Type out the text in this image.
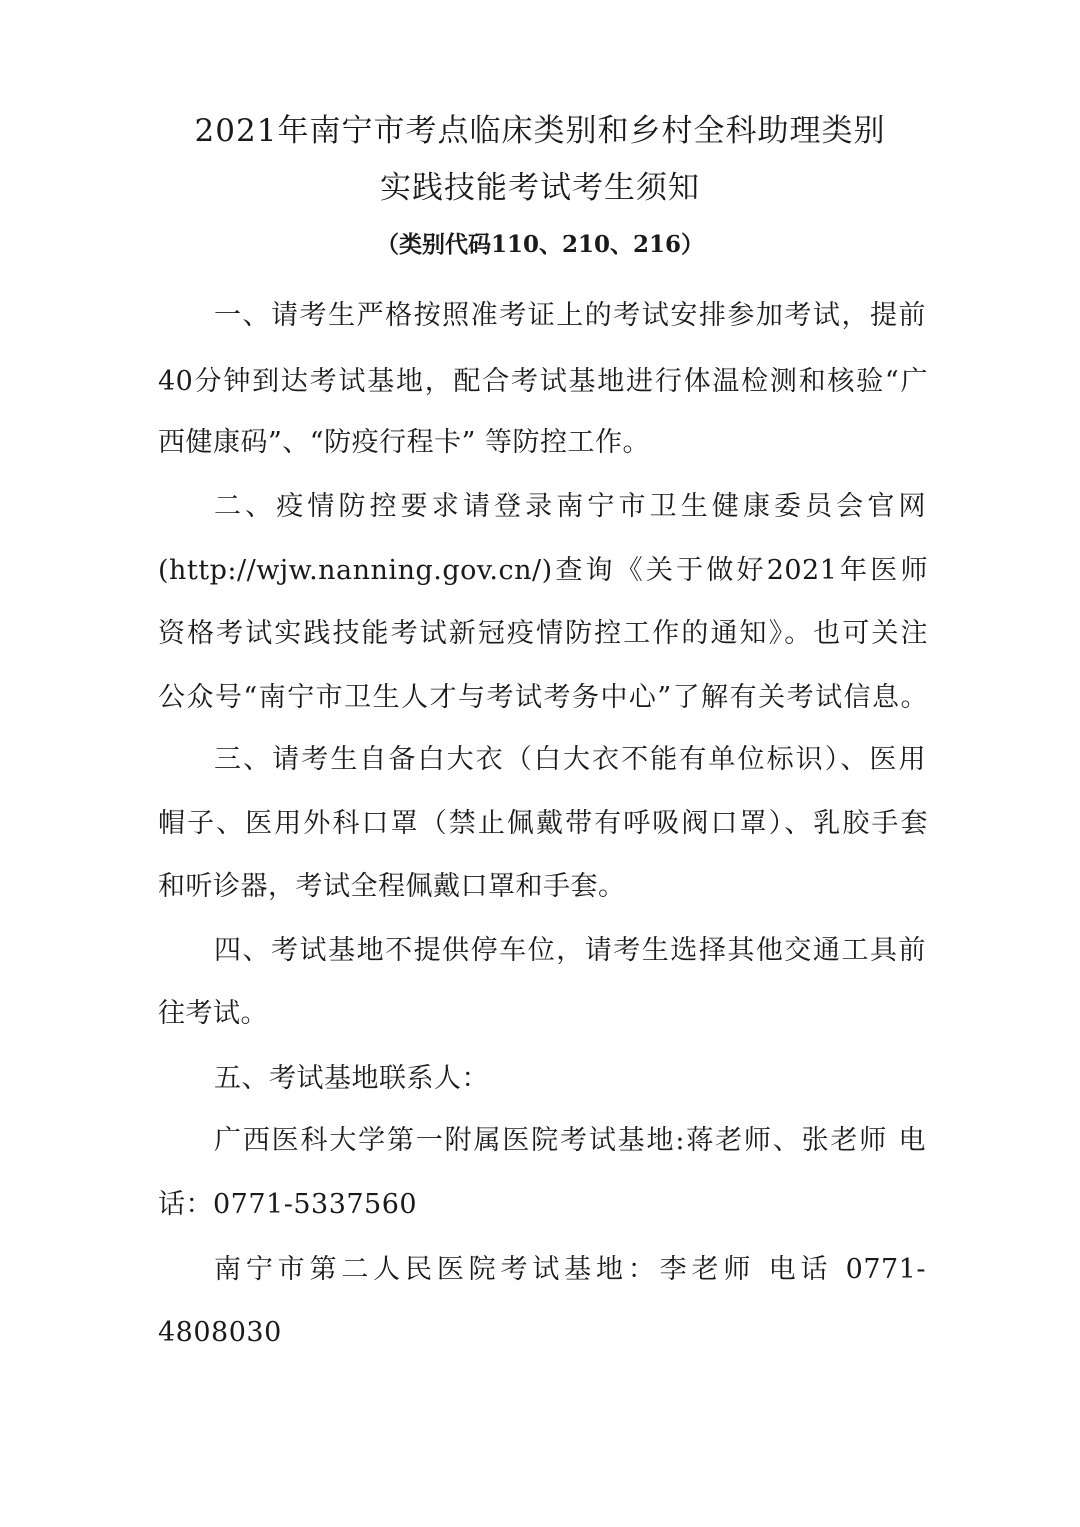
2021年南宁市考点临床类别和乡村全科助理类别
实践技能考试考生须知

（类别代码110、210、216）

一、请考生严格按照准考证上的考试安排参加考试，提前

40分钟到达考试基地，配合考试基地进行体温检测和核验“广

西健康码”、“防疫行程卡” 等防控工作。

二、疫情防控要求请登录南宁市卫生健康委员会官网

(http://wjw.nanning.gov.cn/)查询《关于做好2021年医师

资格考试实践技能考试新冠疫情防控工作的通知》。也可关注

公众号“南宁市卫生人才与考试考务中心”了解有关考试信息。

三、请考生自备白大衣（白大衣不能有单位标识）、医用

帽子、医用外科口罩（禁止佩戴带有呼吸阀口罩）、乳胶手套

和听诊器，考试全程佩戴口罩和手套。

四、考试基地不提供停车位，请考生选择其他交通工具前

往考试。

五、考试基地联系人：

广西医科大学第一附属医院考试基地:蒋老师、张老师 电

话：0771-5337560

南宁市第二人民医院考试基地：李老师 电话 0771-

4808030
